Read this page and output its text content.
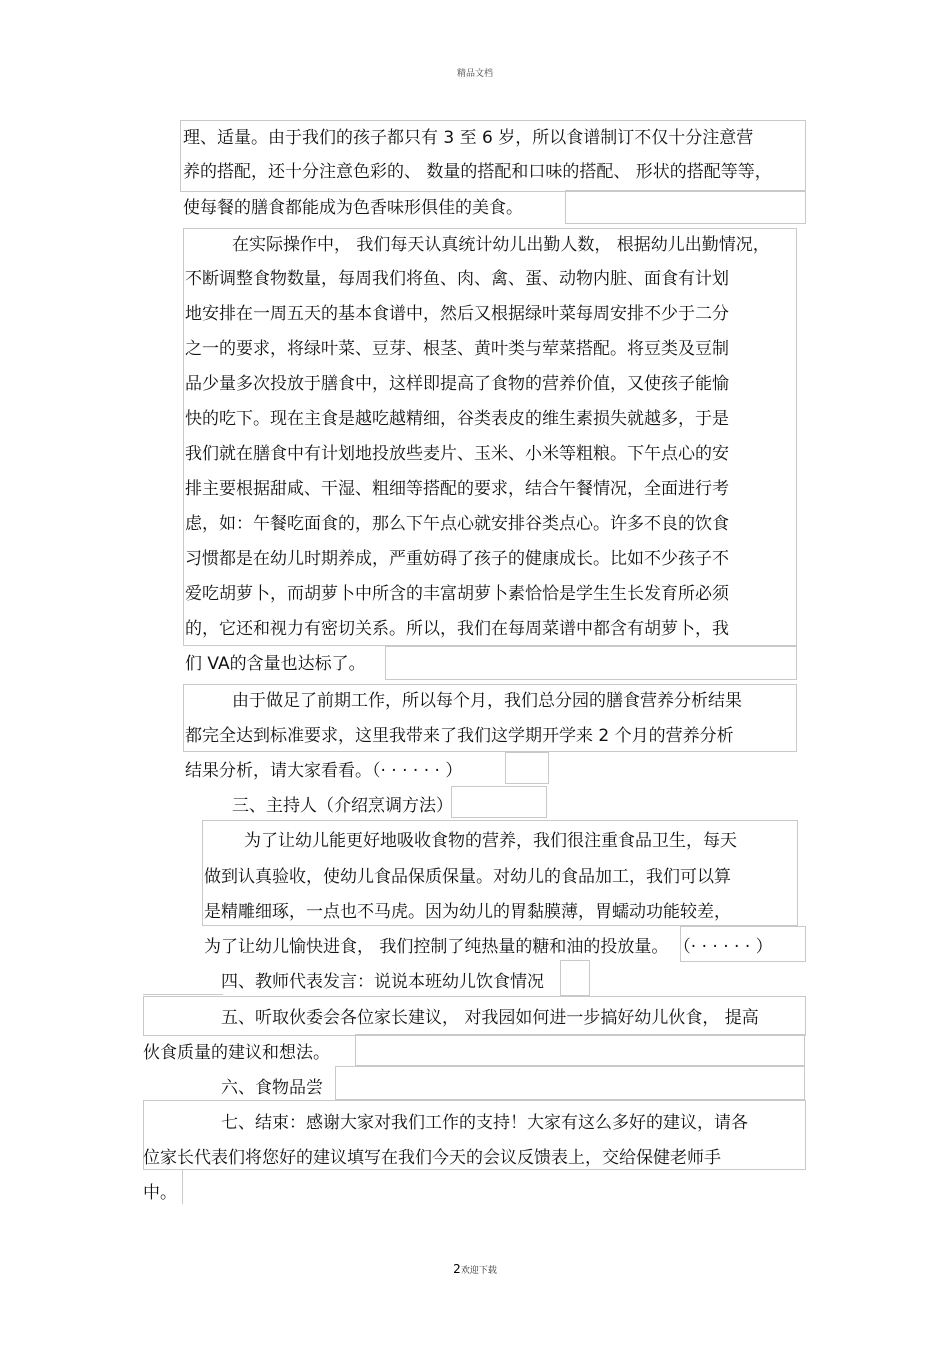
精品文档
理、适量。由于我们的孩子都只有 3 至 6 岁，所以食谱制订不仅十分注意营
养的搭配，还十分注意色彩的、 数量的搭配和口味的搭配、 形状的搭配等等，
使每餐的膳食都能成为色香味形俱佳的美食。
在实际操作中， 我们每天认真统计幼儿出勤人数， 根据幼儿出勤情况，
不断调整食物数量，每周我们将鱼、肉、禽、蛋、动物内脏、面食有计划
地安排在一周五天的基本食谱中，然后又根据绿叶菜每周安排不少于二分
之一的要求，将绿叶菜、豆芽、根茎、黄叶类与荤菜搭配。将豆类及豆制
品少量多次投放于膳食中，这样即提高了食物的营养价值，又使孩子能愉
快的吃下。现在主食是越吃越精细，谷类表皮的维生素损失就越多，于是
我们就在膳食中有计划地投放些麦片、玉米、小米等粗粮。下午点心的安
排主要根据甜咸、干湿、粗细等搭配的要求，结合午餐情况，全面进行考
虑，如：午餐吃面食的，那么下午点心就安排谷类点心。许多不良的饮食
习惯都是在幼儿时期养成，严重妨碍了孩子的健康成长。比如不少孩子不
爱吃胡萝卜，而胡萝卜中所含的丰富胡萝卜素恰恰是学生生长发育所必须
的，它还和视力有密切关系。所以，我们在每周菜谱中都含有胡萝卜，我
们 VA的含量也达标了。
由于做足了前期工作，所以每个月，我们总分园的膳食营养分析结果
都完全达到标准要求，这里我带来了我们这学期开学来 2 个月的营养分析
结果分析，请大家看看。（· · · · · · ）
三、主持人（介绍烹调方法）
为了让幼儿能更好地吸收食物的营养，我们很注重食品卫生，每天
做到认真验收，使幼儿食品保质保量。对幼儿的食品加工，我们可以算
是精雕细琢，一点也不马虎。因为幼儿的胃黏膜薄，胃蠕动功能较差，
为了让幼儿愉快进食， 我们控制了纯热量的糖和油的投放量。 （· · · · · · ）
四、教师代表发言：说说本班幼儿饮食情况
五、听取伙委会各位家长建议， 对我园如何进一步搞好幼儿伙食， 提高
伙食质量的建议和想法。
六、食物品尝
七、结束：感谢大家对我们工作的支持！大家有这么多好的建议，请各
位家长代表们将您好的建议填写在我们今天的会议反馈表上，交给保健老师手
中。
2欢迎下载
